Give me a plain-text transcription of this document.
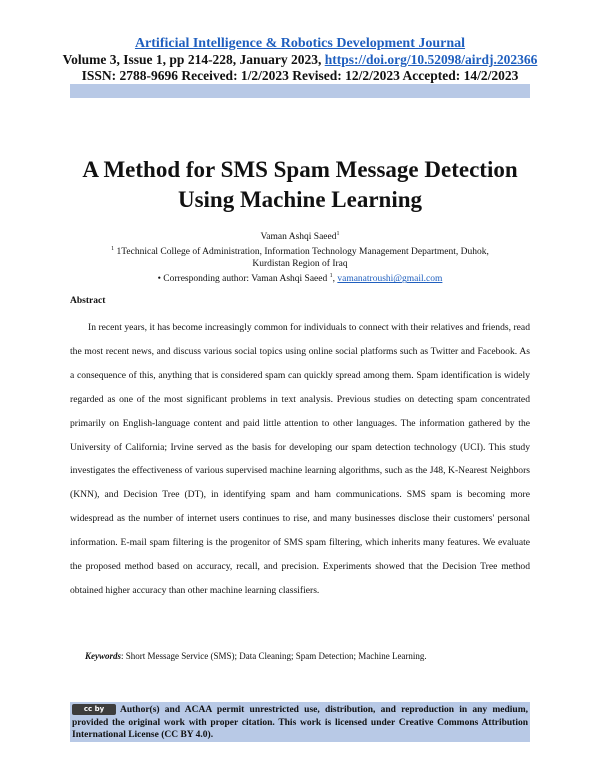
Artificial Intelligence & Robotics Development Journal
Volume 3, Issue 1, pp 214-228, January 2023, https://doi.org/10.52098/airdj.202366
ISSN: 2788-9696 Received: 1/2/2023 Revised: 12/2/2023 Accepted: 14/2/2023
A Method for SMS Spam Message Detection
Using Machine Learning
Vaman Ashqi Saeed$^1$
$^1$ 1Technical College of Administration, Information Technology Management Department, Duhok,
Kurdistan Region of Iraq
• Corresponding author: Vaman Ashqi Saeed $^1$, vamanatroushi@gmail.com
Abstract
In recent years, it has become increasingly common for individuals to connect with their relatives and friends, read the most recent news, and discuss various social topics using online social platforms such as Twitter and Facebook. As a consequence of this, anything that is considered spam can quickly spread among them. Spam identification is widely regarded as one of the most significant problems in text analysis. Previous studies on detecting spam concentrated primarily on English-language content and paid little attention to other languages. The information gathered by the University of California; Irvine served as the basis for developing our spam detection technology (UCI). This study investigates the effectiveness of various supervised machine learning algorithms, such as the J48, K-Nearest Neighbors (KNN), and Decision Tree (DT), in identifying spam and ham communications. SMS spam is becoming more widespread as the number of internet users continues to rise, and many businesses disclose their customers' personal information. E-mail spam filtering is the progenitor of SMS spam filtering, which inherits many features. We evaluate the proposed method based on accuracy, recall, and precision. Experiments showed that the Decision Tree method obtained higher accuracy than other machine learning classifiers.
Keywords: Short Message Service (SMS); Data Cleaning; Spam Detection; Machine Learning.
cc by Author(s) and ACAA permit unrestricted use, distribution, and reproduction in any medium, provided the original work with proper citation. This work is licensed under Creative Commons Attribution International License (CC BY 4.0).
